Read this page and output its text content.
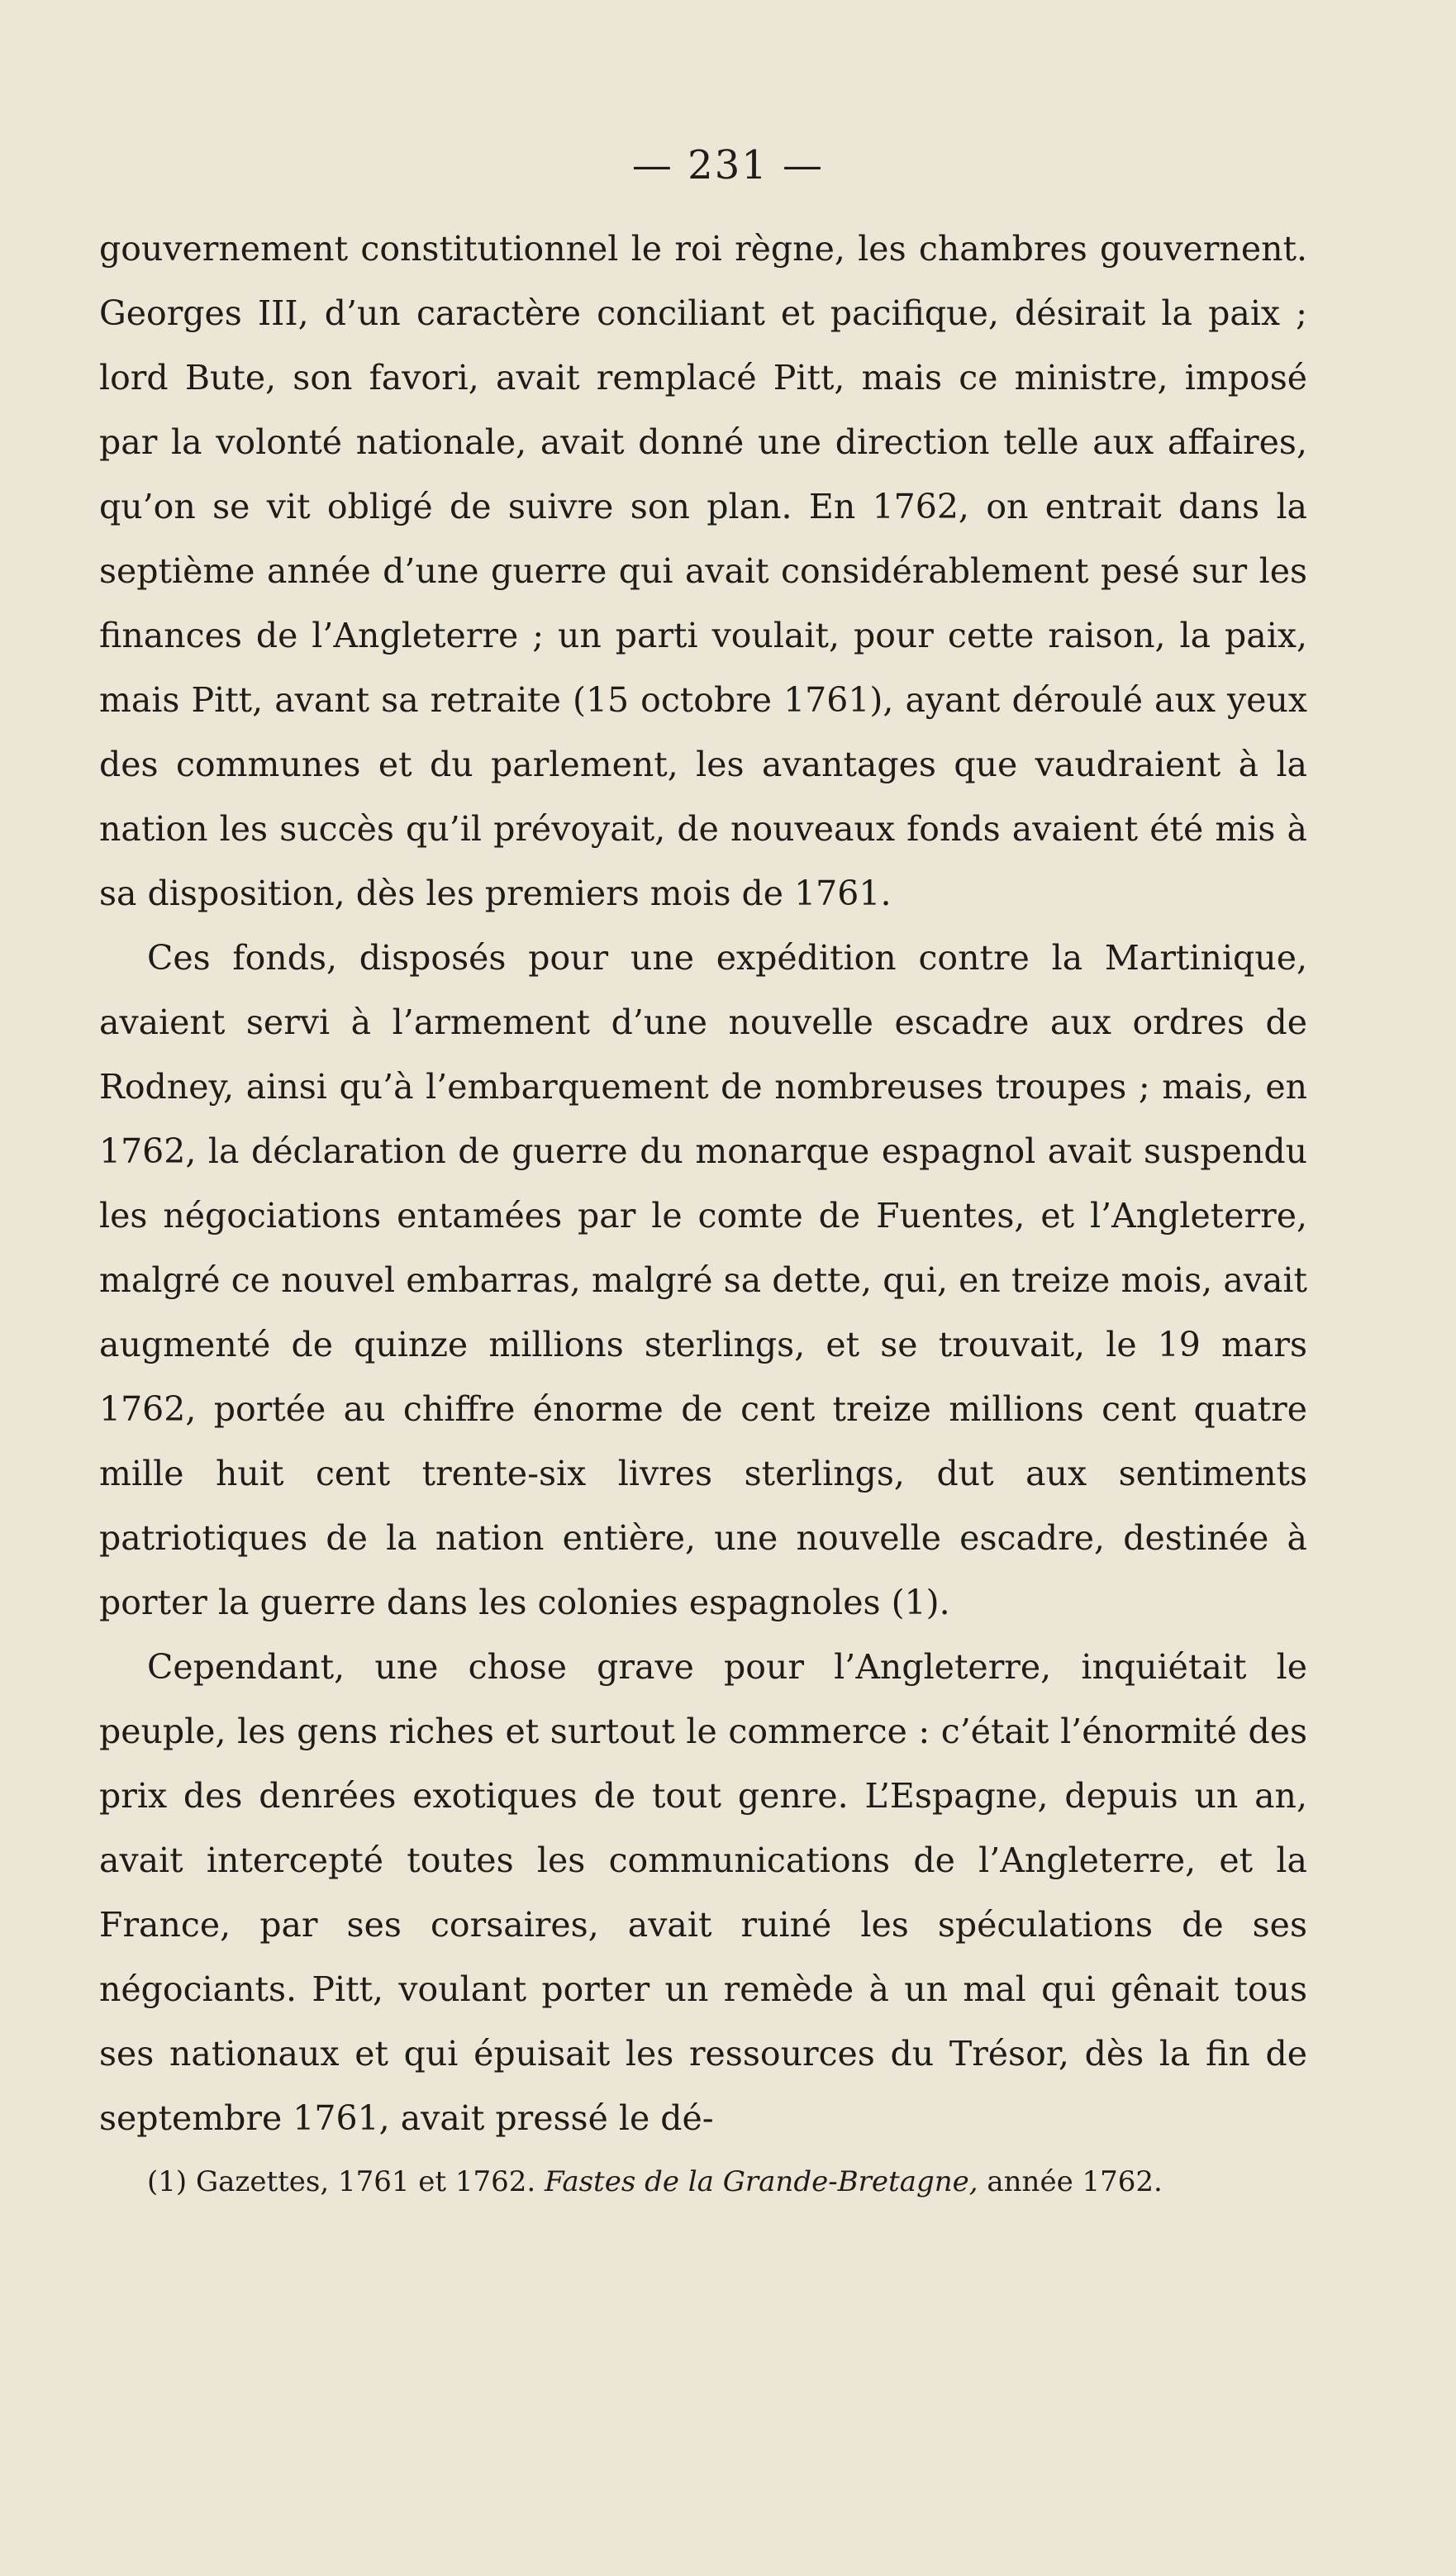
— 231 —

gouvernement constitutionnel le roi règne, les chambres gouvernent. Georges III, d’un caractère conciliant et pacifique, désirait la paix ; lord Bute, son favori, avait remplacé Pitt, mais ce ministre, imposé par la volonté nationale, avait donné une direction telle aux affaires, qu’on se vit obligé de suivre son plan. En 1762, on entrait dans la septième année d’une guerre qui avait considérablement pesé sur les finances de l’Angleterre ; un parti voulait, pour cette raison, la paix, mais Pitt, avant sa retraite (15 octobre 1761), ayant déroulé aux yeux des communes et du parlement, les avantages que vaudraient à la nation les succès qu’il prévoyait, de nouveaux fonds avaient été mis à sa disposition, dès les premiers mois de 1761.

Ces fonds, disposés pour une expédition contre la Martinique, avaient servi à l’armement d’une nouvelle escadre aux ordres de Rodney, ainsi qu’à l’embarquement de nombreuses troupes ; mais, en 1762, la déclaration de guerre du monarque espagnol avait suspendu les négociations entamées par le comte de Fuentes, et l’Angleterre, malgré ce nouvel embarras, malgré sa dette, qui, en treize mois, avait augmenté de quinze millions sterlings, et se trouvait, le 19 mars 1762, portée au chiffre énorme de cent treize millions cent quatre mille huit cent trente-six livres sterlings, dut aux sentiments patriotiques de la nation entière, une nouvelle escadre, destinée à porter la guerre dans les colonies espagnoles (1).

Cependant, une chose grave pour l’Angleterre, inquiétait le peuple, les gens riches et surtout le commerce : c’était l’énormité des prix des denrées exotiques de tout genre. L’Espagne, depuis un an, avait intercepté toutes les communications de l’Angleterre, et la France, par ses corsaires, avait ruiné les spéculations de ses négociants. Pitt, voulant porter un remède à un mal qui gênait tous ses nationaux et qui épuisait les ressources du Trésor, dès la fin de septembre 1761, avait pressé le dé-

(1) Gazettes, 1761 et 1762. Fastes de la Grande-Bretagne, année 1762.
